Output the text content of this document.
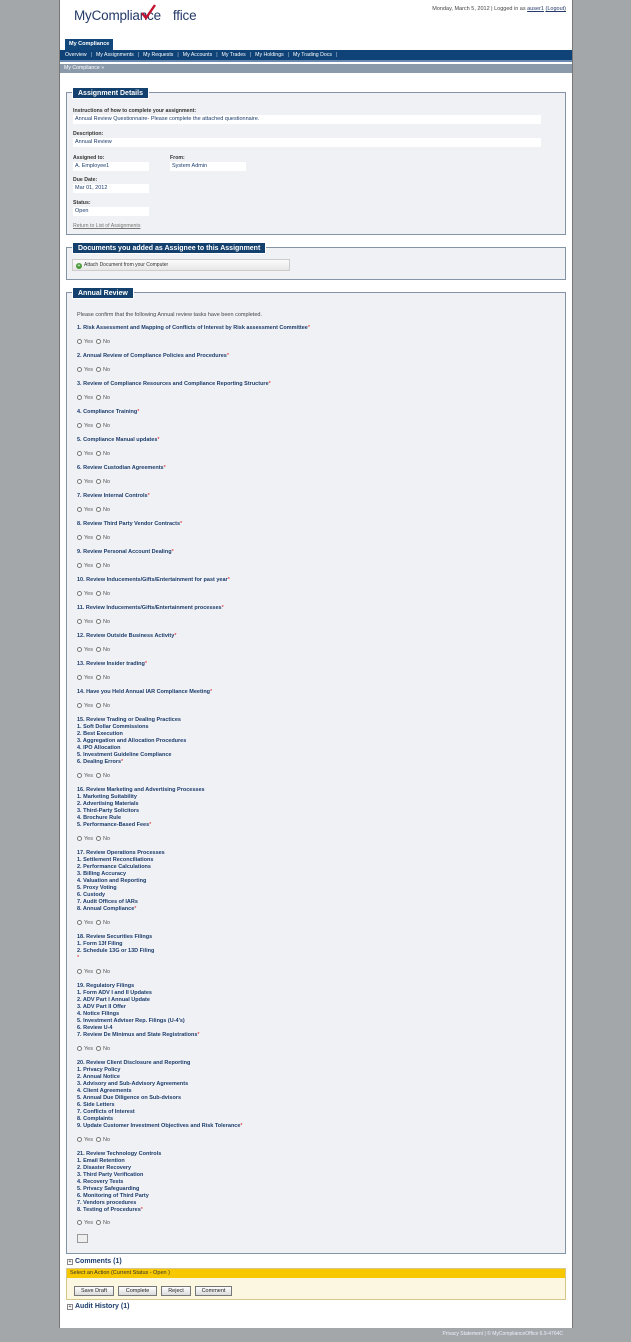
MyCompliance ffice	Monday, March 5, 2012 | Logged in as auser1 (Logout)
My Compliance
Overview | My Assignments | My Requests | My Accounts | My Trades | My Holdings | My Trading Docs |
My Compliance »
Assignment Details
Instructions of how to complete your assignment:
Annual Review Questionnaire- Please complete the attached questionnaire.
Description:
Annual Review
Assigned to:
A. Employee1
From:
System Admin
Due Date:
Mar 01, 2012
Status:
Open
Return to List of Assignments
Documents you added as Assignee to this Assignment
+ Attach Document from your Computer
Annual Review
Please confirm that the following Annual review tasks have been completed.
1. Risk Assessment and Mapping of Conflicts of Interest by Risk assessment Committee*
Yes No
2. Annual Review of Compliance Policies and Procedures*
Yes No
3. Review of Compliance Resources and Compliance Reporting Structure*
Yes No
4. Compliance Training*
Yes No
5. Compliance Manual updates*
Yes No
6. Review Custodian Agreements*
Yes No
7. Review Internal Controls*
Yes No
8. Review Third Party Vendor Contracts*
Yes No
9. Review Personal Account Dealing*
Yes No
10. Review Inducements/Gifts/Entertainment for past year*
Yes No
11. Review Inducements/Gifts/Entertainment processes*
Yes No
12. Review Outside Business Activity*
Yes No
13. Review Insider trading*
Yes No
14. Have you Held Annual IAR Compliance Meeting*
Yes No
15. Review Trading or Dealing Practices
1. Soft Dollar Commissions
2. Best Execution
3. Aggregation and Allocation Procedures
4. IPO Allocation
5. Investment Guideline Compliance
6. Dealing Errors*
Yes No
16. Review Marketing and Advertising Processes
1. Marketing Suitability
2. Advertising Materials
3. Third-Party Solicitors
4. Brochure Rule
5. Performance-Based Fees*
Yes No
17. Review Operations Processes
1. Settlement Reconciliations
2. Performance Calculations
3. Billing Accuracy
4. Valuation and Reporting
5. Proxy Voting
6. Custody
7. Audit Offices of IARs
8. Annual Compliance*
Yes No
18. Review Securities Filings
1. Form 13f Filing
2. Schedule 13G or 13D Filing
*
Yes No
19. Regulatory Filings
1. Form ADV I and II Updates
2. ADV Part I Annual Update
3. ADV Part II Offer
4. Notice Filings
5. Investment Adviser Rep. Filings (U-4's)
6. Review U-4
7. Review De Minimus and State Registrations*
Yes No
20. Review Client Disclosure and Reporting
1. Privacy Policy
2. Annual Notice
3. Advisory and Sub-Advisory Agreements
4. Client Agreements
5. Annual Due Diligence on Sub-dvisors
6. Side Letters
7. Conflicts of Interest
8. Complaints
9. Update Customer Investment Objectives and Risk Tolerance*
Yes No
21. Review Technology Controls
1. Email Retention
2. Disaster Recovery
3. Third Party Verification
4. Recovery Tests
5. Privacy Safeguarding
6. Monitoring of Third Party
7. Vendors procedures
8. Testing of Procedures*
Yes No
+ Comments (1)
Select an Action (Current Status - Open )
Save Draft	Complete	Reject	Comment
+ Audit History (1)
Privacy Statement | © MyComplianceOffice 6.9-4764C
